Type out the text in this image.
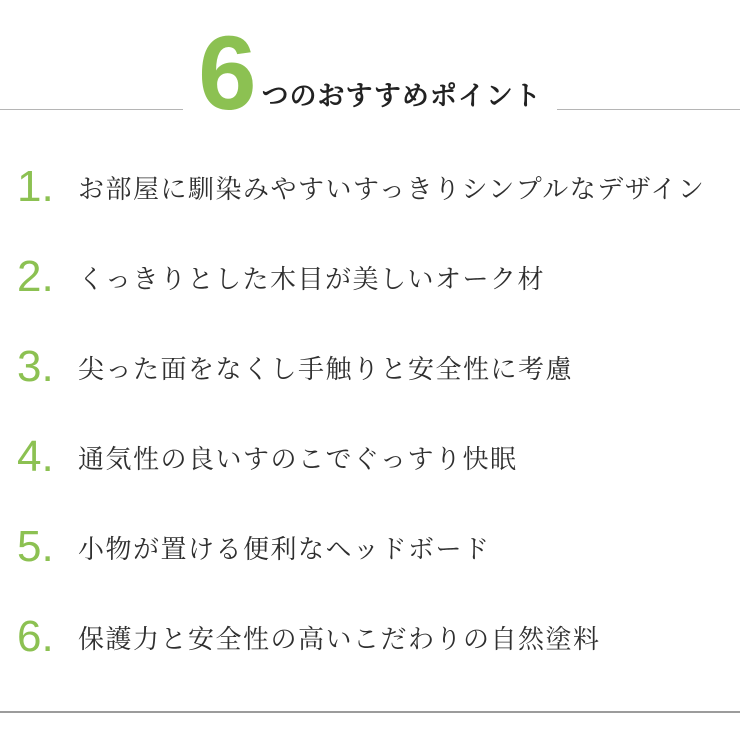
6 つのおすすめポイント
1. お部屋に馴染みやすいすっきりシンプルなデザイン
2. くっきりとした木目が美しいオーク材
3. 尖った面をなくし手触りと安全性に考慮
4. 通気性の良いすのこでぐっすり快眠
5. 小物が置ける便利なヘッドボード
6. 保護力と安全性の高いこだわりの自然塗料
